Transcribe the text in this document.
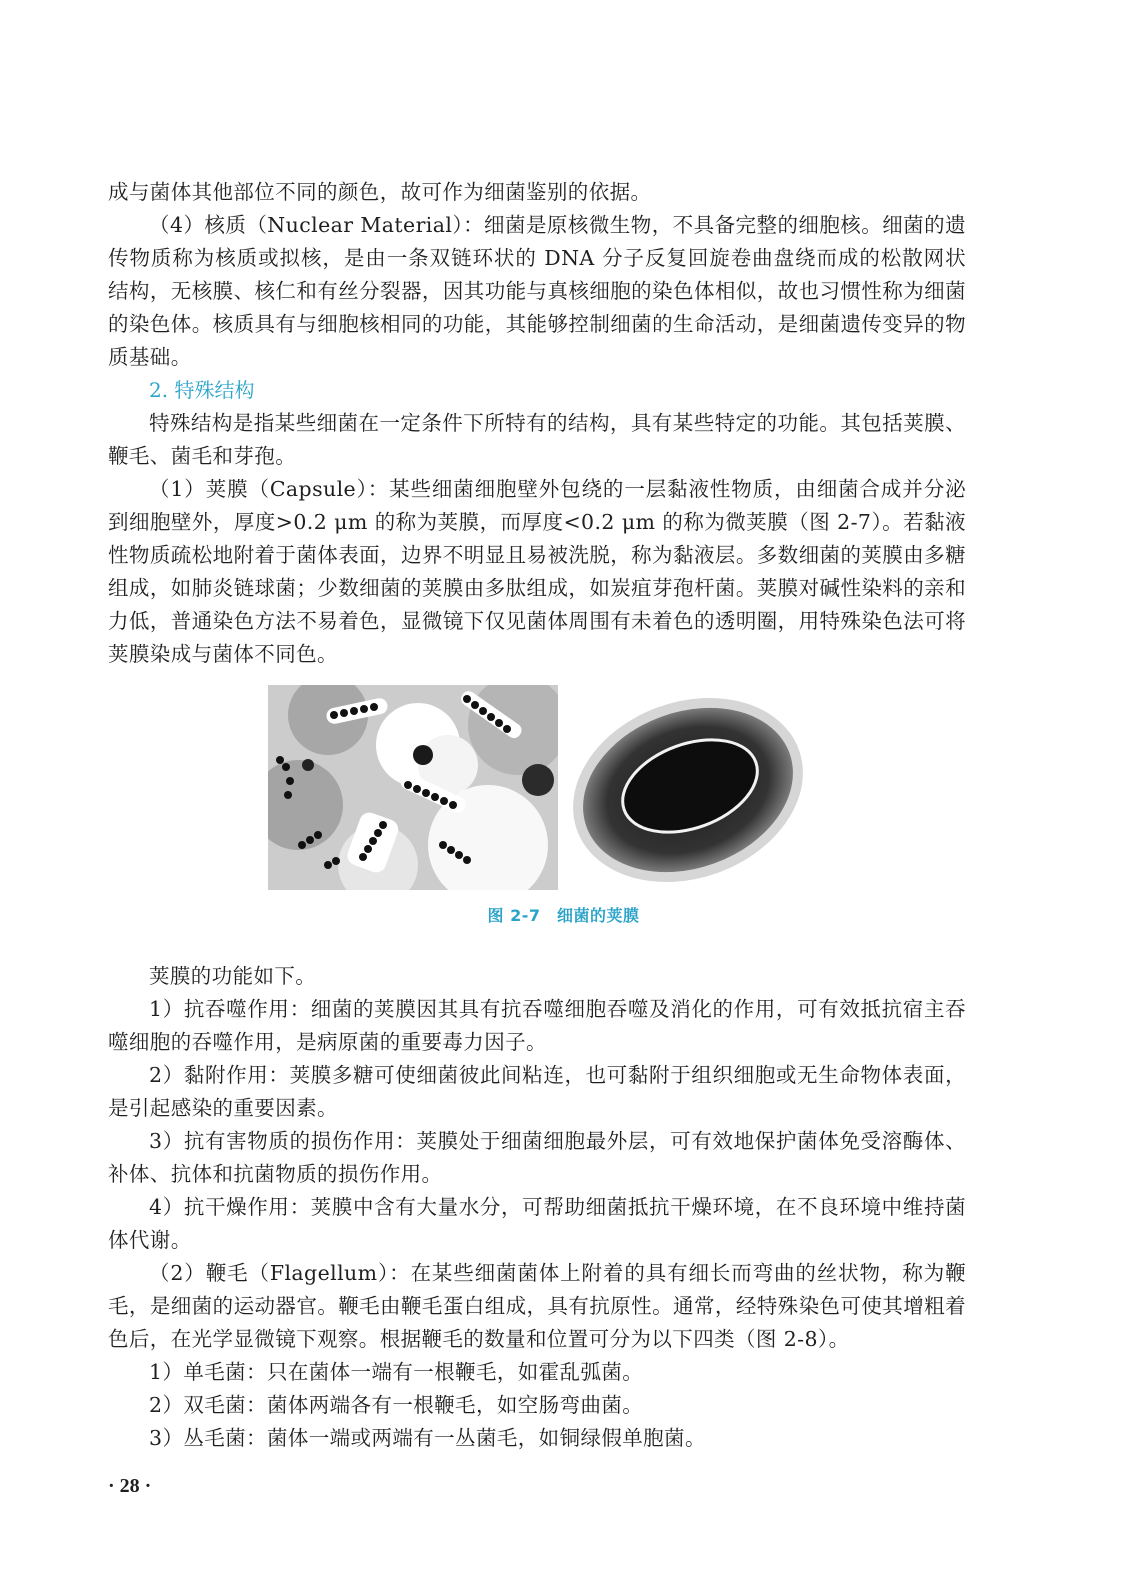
成与菌体其他部位不同的颜色，故可作为细菌鉴别的依据。

（4）核质（Nuclear Material）：细菌是原核微生物，不具备完整的细胞核。细菌的遗传物质称为核质或拟核，是由一条双链环状的 DNA 分子反复回旋卷曲盘绕而成的松散网状结构，无核膜、核仁和有丝分裂器，因其功能与真核细胞的染色体相似，故也习惯性称为细菌的染色体。核质具有与细胞核相同的功能，其能够控制细菌的生命活动，是细菌遗传变异的物质基础。

2. 特殊结构

特殊结构是指某些细菌在一定条件下所特有的结构，具有某些特定的功能。其包括荚膜、鞭毛、菌毛和芽孢。

（1）荚膜（Capsule）：某些细菌细胞壁外包绕的一层黏液性物质，由细菌合成并分泌到细胞壁外，厚度>0.2 μm 的称为荚膜，而厚度<0.2 μm 的称为微荚膜（图 2-7）。若黏液性物质疏松地附着于菌体表面，边界不明显且易被洗脱，称为黏液层。多数细菌的荚膜由多糖组成，如肺炎链球菌；少数细菌的荚膜由多肽组成，如炭疽芽孢杆菌。荚膜对碱性染料的亲和力低，普通染色方法不易着色，显微镜下仅见菌体周围有未着色的透明圈，用特殊染色法可将荚膜染成与菌体不同色。

图 2-7　细菌的荚膜

荚膜的功能如下。

1）抗吞噬作用：细菌的荚膜因其具有抗吞噬细胞吞噬及消化的作用，可有效抵抗宿主吞噬细胞的吞噬作用，是病原菌的重要毒力因子。

2）黏附作用：荚膜多糖可使细菌彼此间粘连，也可黏附于组织细胞或无生命物体表面，是引起感染的重要因素。

3）抗有害物质的损伤作用：荚膜处于细菌细胞最外层，可有效地保护菌体免受溶酶体、补体、抗体和抗菌物质的损伤作用。

4）抗干燥作用：荚膜中含有大量水分，可帮助细菌抵抗干燥环境，在不良环境中维持菌体代谢。

（2）鞭毛（Flagellum）：在某些细菌菌体上附着的具有细长而弯曲的丝状物，称为鞭毛，是细菌的运动器官。鞭毛由鞭毛蛋白组成，具有抗原性。通常，经特殊染色可使其增粗着色后，在光学显微镜下观察。根据鞭毛的数量和位置可分为以下四类（图 2-8）。

1）单毛菌：只在菌体一端有一根鞭毛，如霍乱弧菌。

2）双毛菌：菌体两端各有一根鞭毛，如空肠弯曲菌。

3）丛毛菌：菌体一端或两端有一丛菌毛，如铜绿假单胞菌。

· 28 ·
